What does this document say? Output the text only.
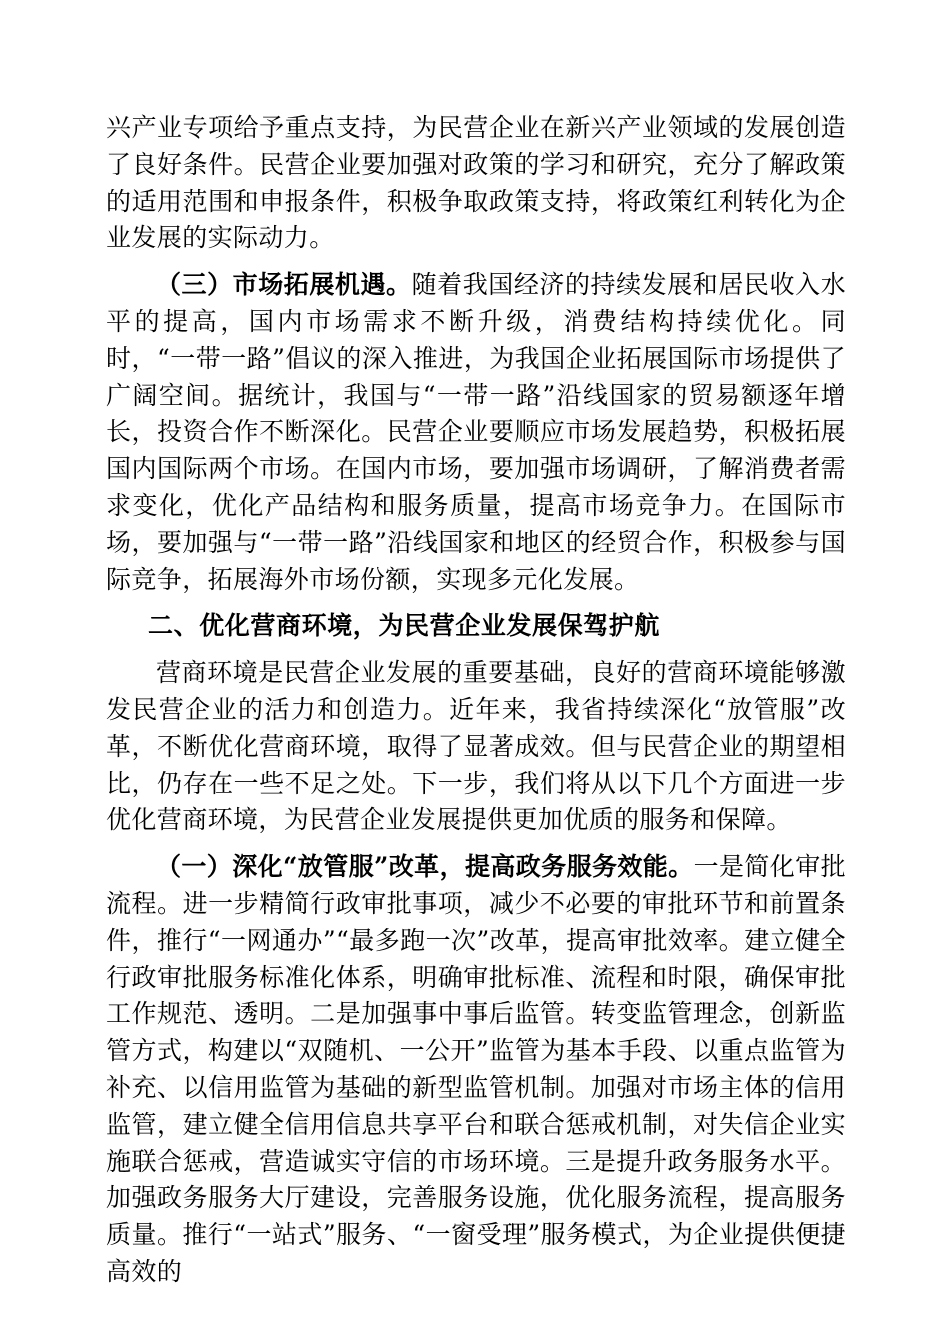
兴产业专项给予重点支持，为民营企业在新兴产业领域的发展创造了良好条件。民营企业要加强对政策的学习和研究，充分了解政策的适用范围和申报条件，积极争取政策支持，将政策红利转化为企业发展的实际动力。

（三）市场拓展机遇。随着我国经济的持续发展和居民收入水平的提高，国内市场需求不断升级，消费结构持续优化。同时，“一带一路”倡议的深入推进，为我国企业拓展国际市场提供了广阔空间。据统计，我国与“一带一路”沿线国家的贸易额逐年增长，投资合作不断深化。民营企业要顺应市场发展趋势，积极拓展国内国际两个市场。在国内市场，要加强市场调研，了解消费者需求变化，优化产品结构和服务质量，提高市场竞争力。在国际市场，要加强与“一带一路”沿线国家和地区的经贸合作，积极参与国际竞争，拓展海外市场份额，实现多元化发展。

二、优化营商环境，为民营企业发展保驾护航

营商环境是民营企业发展的重要基础，良好的营商环境能够激发民营企业的活力和创造力。近年来，我省持续深化“放管服”改革，不断优化营商环境，取得了显著成效。但与民营企业的期望相比，仍存在一些不足之处。下一步，我们将从以下几个方面进一步优化营商环境，为民营企业发展提供更加优质的服务和保障。

（一）深化“放管服”改革，提高政务服务效能。一是简化审批流程。进一步精简行政审批事项，减少不必要的审批环节和前置条件，推行“一网通办”“最多跑一次”改革，提高审批效率。建立健全行政审批服务标准化体系，明确审批标准、流程和时限，确保审批工作规范、透明。二是加强事中事后监管。转变监管理念，创新监管方式，构建以“双随机、一公开”监管为基本手段、以重点监管为补充、以信用监管为基础的新型监管机制。加强对市场主体的信用监管，建立健全信用信息共享平台和联合惩戒机制，对失信企业实施联合惩戒，营造诚实守信的市场环境。三是提升政务服务水平。加强政务服务大厅建设，完善服务设施，优化服务流程，提高服务质量。推行“一站式”服务、“一窗受理”服务模式，为企业提供便捷高效的
